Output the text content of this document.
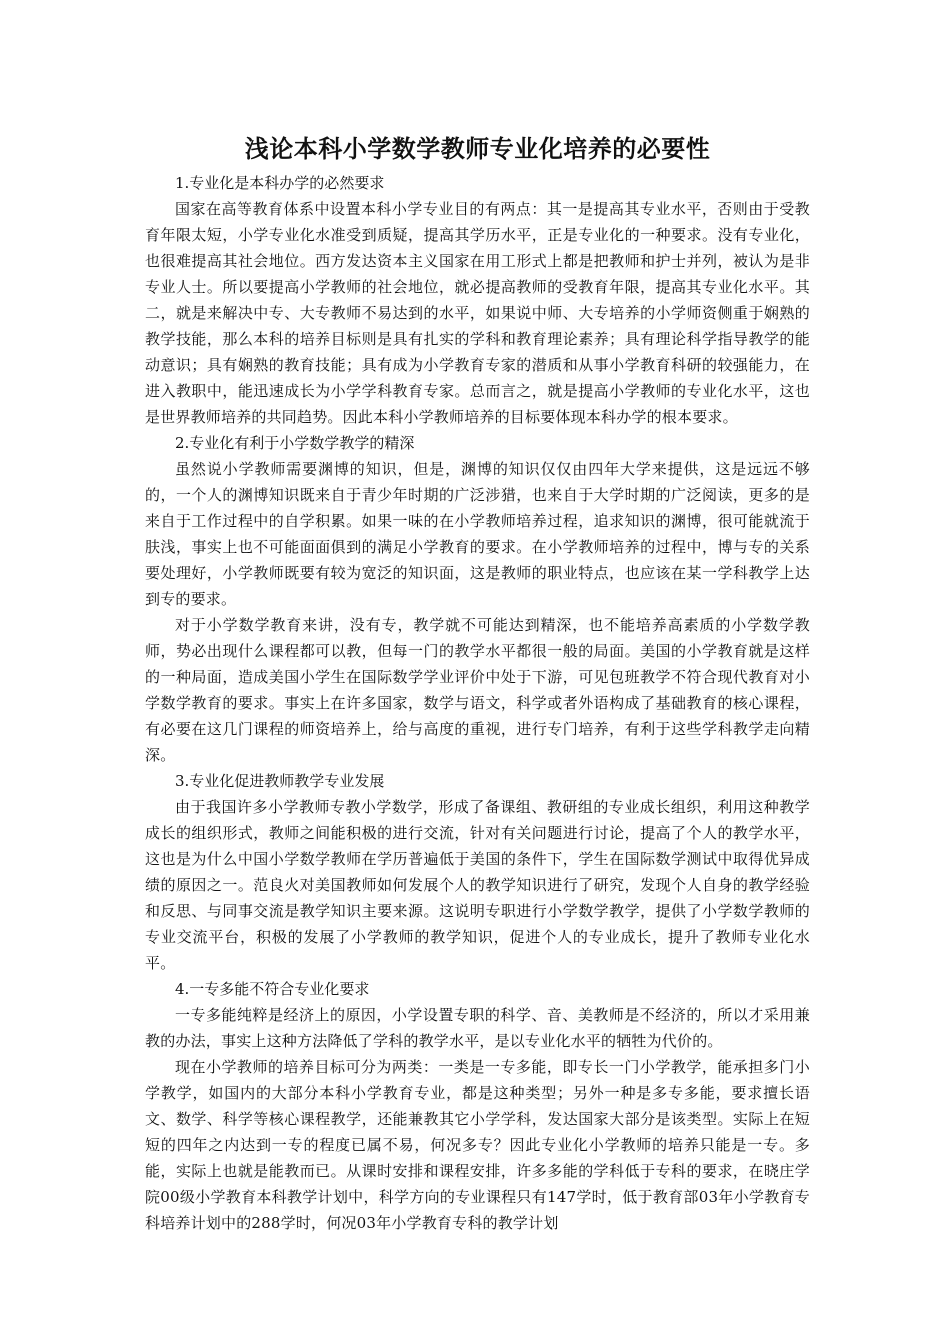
浅论本科小学数学教师专业化培养的必要性
1.专业化是本科办学的必然要求

国家在高等教育体系中设置本科小学专业目的有两点：其一是提高其专业水平，否则由于受教育年限太短，小学专业化水准受到质疑，提高其学历水平，正是专业化的一种要求。没有专业化，也很难提高其社会地位。西方发达资本主义国家在用工形式上都是把教师和护士并列，被认为是非专业人士。所以要提高小学教师的社会地位，就必提高教师的受教育年限，提高其专业化水平。其二，就是来解决中专、大专教师不易达到的水平，如果说中师、大专培养的小学师资侧重于娴熟的教学技能，那么本科的培养目标则是具有扎实的学科和教育理论素养；具有理论科学指导教学的能动意识；具有娴熟的教育技能；具有成为小学教育专家的潜质和从事小学教育科研的较强能力，在进入教职中，能迅速成长为小学学科教育专家。总而言之，就是提高小学教师的专业化水平，这也是世界教师培养的共同趋势。因此本科小学教师培养的目标要体现本科办学的根本要求。

2.专业化有利于小学数学教学的精深

虽然说小学教师需要渊博的知识，但是，渊博的知识仅仅由四年大学来提供，这是远远不够的，一个人的渊博知识既来自于青少年时期的广泛涉猎，也来自于大学时期的广泛阅读，更多的是来自于工作过程中的自学积累。如果一味的在小学教师培养过程，追求知识的渊博，很可能就流于肤浅，事实上也不可能面面俱到的满足小学教育的要求。在小学教师培养的过程中，博与专的关系要处理好，小学教师既要有较为宽泛的知识面，这是教师的职业特点，也应该在某一学科教学上达到专的要求。

对于小学数学教育来讲，没有专，教学就不可能达到精深，也不能培养高素质的小学数学教师，势必出现什么课程都可以教，但每一门的教学水平都很一般的局面。美国的小学教育就是这样的一种局面，造成美国小学生在国际数学学业评价中处于下游，可见包班教学不符合现代教育对小学数学教育的要求。事实上在许多国家，数学与语文，科学或者外语构成了基础教育的核心课程，有必要在这几门课程的师资培养上，给与高度的重视，进行专门培养，有利于这些学科教学走向精深。

3.专业化促进教师教学专业发展

由于我国许多小学教师专教小学数学，形成了备课组、教研组的专业成长组织，利用这种教学成长的组织形式，教师之间能积极的进行交流，针对有关问题进行讨论，提高了个人的教学水平，这也是为什么中国小学数学教师在学历普遍低于美国的条件下，学生在国际数学测试中取得优异成绩的原因之一。范良火对美国教师如何发展个人的教学知识进行了研究，发现个人自身的教学经验和反思、与同事交流是教学知识主要来源。这说明专职进行小学数学教学，提供了小学数学教师的专业交流平台，积极的发展了小学教师的教学知识，促进个人的专业成长，提升了教师专业化水平。

4.一专多能不符合专业化要求

一专多能纯粹是经济上的原因，小学设置专职的科学、音、美教师是不经济的，所以才采用兼教的办法，事实上这种方法降低了学科的教学水平，是以专业化水平的牺牲为代价的。

现在小学教师的培养目标可分为两类：一类是一专多能，即专长一门小学教学，能承担多门小学教学，如国内的大部分本科小学教育专业，都是这种类型；另外一种是多专多能，要求擅长语文、数学、科学等核心课程教学，还能兼教其它小学学科，发达国家大部分是该类型。实际上在短短的四年之内达到一专的程度已属不易，何况多专？因此专业化小学教师的培养只能是一专。多能，实际上也就是能教而已。从课时安排和课程安排，许多多能的学科低于专科的要求，在晓庄学院00级小学教育本科教学计划中，科学方向的专业课程只有147学时，低于教育部03年小学教育专科培养计划中的288学时，何况03年小学教育专科的教学计划
